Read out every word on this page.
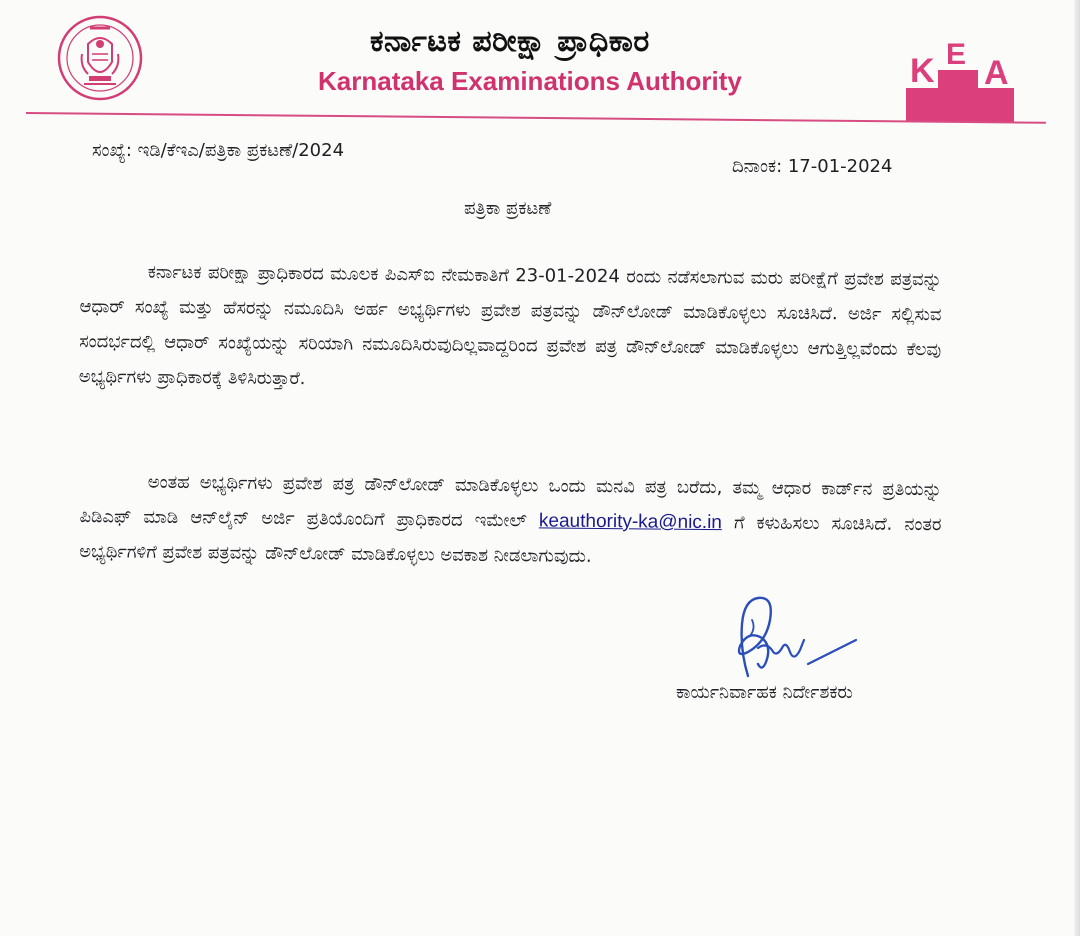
ಕರ್ನಾಟಕ ಪರೀಕ್ಷಾ ಪ್ರಾಧಿಕಾರ
Karnataka Examinations Authority	K E A
ಸಂಖ್ಯೆ: ಇಡಿ/ಕೆಇಎ/ಪತ್ರಿಕಾ ಪ್ರಕಟಣೆ/2024
ದಿನಾಂಕ: 17-01-2024
ಪತ್ರಿಕಾ ಪ್ರಕಟಣೆ

ಕರ್ನಾಟಕ ಪರೀಕ್ಷಾ ಪ್ರಾಧಿಕಾರದ ಮೂಲಕ ಪಿಎಸ್‌ಐ ನೇಮಕಾತಿಗೆ 23-01-2024 ರಂದು ನಡೆಸಲಾಗುವ ಮರು ಪರೀಕ್ಷೆಗೆ ಪ್ರವೇಶ ಪತ್ರವನ್ನು ಆಧಾರ್ ಸಂಖ್ಯೆ ಮತ್ತು ಹೆಸರನ್ನು ನಮೂದಿಸಿ ಅರ್ಹ ಅಭ್ಯರ್ಥಿಗಳು ಪ್ರವೇಶ ಪತ್ರವನ್ನು ಡೌನ್‌ಲೋಡ್ ಮಾಡಿಕೊಳ್ಳಲು ಸೂಚಿಸಿದೆ. ಅರ್ಜಿ ಸಲ್ಲಿಸುವ ಸಂದರ್ಭದಲ್ಲಿ ಆಧಾರ್ ಸಂಖ್ಯೆಯನ್ನು ಸರಿಯಾಗಿ ನಮೂದಿಸಿರುವುದಿಲ್ಲವಾದ್ದರಿಂದ ಪ್ರವೇಶ ಪತ್ರ ಡೌನ್‌ಲೋಡ್ ಮಾಡಿಕೊಳ್ಳಲು ಆಗುತ್ತಿಲ್ಲವೆಂದು ಕೆಲವು ಅಭ್ಯರ್ಥಿಗಳು ಪ್ರಾಧಿಕಾರಕ್ಕೆ ತಿಳಿಸಿರುತ್ತಾರೆ.

ಅಂತಹ ಅಭ್ಯರ್ಥಿಗಳು ಪ್ರವೇಶ ಪತ್ರ ಡೌನ್‌ಲೋಡ್ ಮಾಡಿಕೊಳ್ಳಲು ಒಂದು ಮನವಿ ಪತ್ರ ಬರೆದು, ತಮ್ಮ ಆಧಾರ ಕಾರ್ಡ್‌ನ ಪ್ರತಿಯನ್ನು ಪಿಡಿಎಫ್ ಮಾಡಿ ಆನ್‌ಲೈನ್ ಅರ್ಜಿ ಪ್ರತಿಯೊಂದಿಗೆ ಪ್ರಾಧಿಕಾರದ ಇಮೇಲ್ keauthority-ka@nic.in ಗೆ ಕಳುಹಿಸಲು ಸೂಚಿಸಿದೆ. ನಂತರ ಅಭ್ಯರ್ಥಿಗಳಿಗೆ ಪ್ರವೇಶ ಪತ್ರವನ್ನು ಡೌನ್‌ಲೋಡ್ ಮಾಡಿಕೊಳ್ಳಲು ಅವಕಾಶ ನೀಡಲಾಗುವುದು.

ಕಾರ್ಯನಿರ್ವಾಹಕ ನಿರ್ದೇಶಕರು
